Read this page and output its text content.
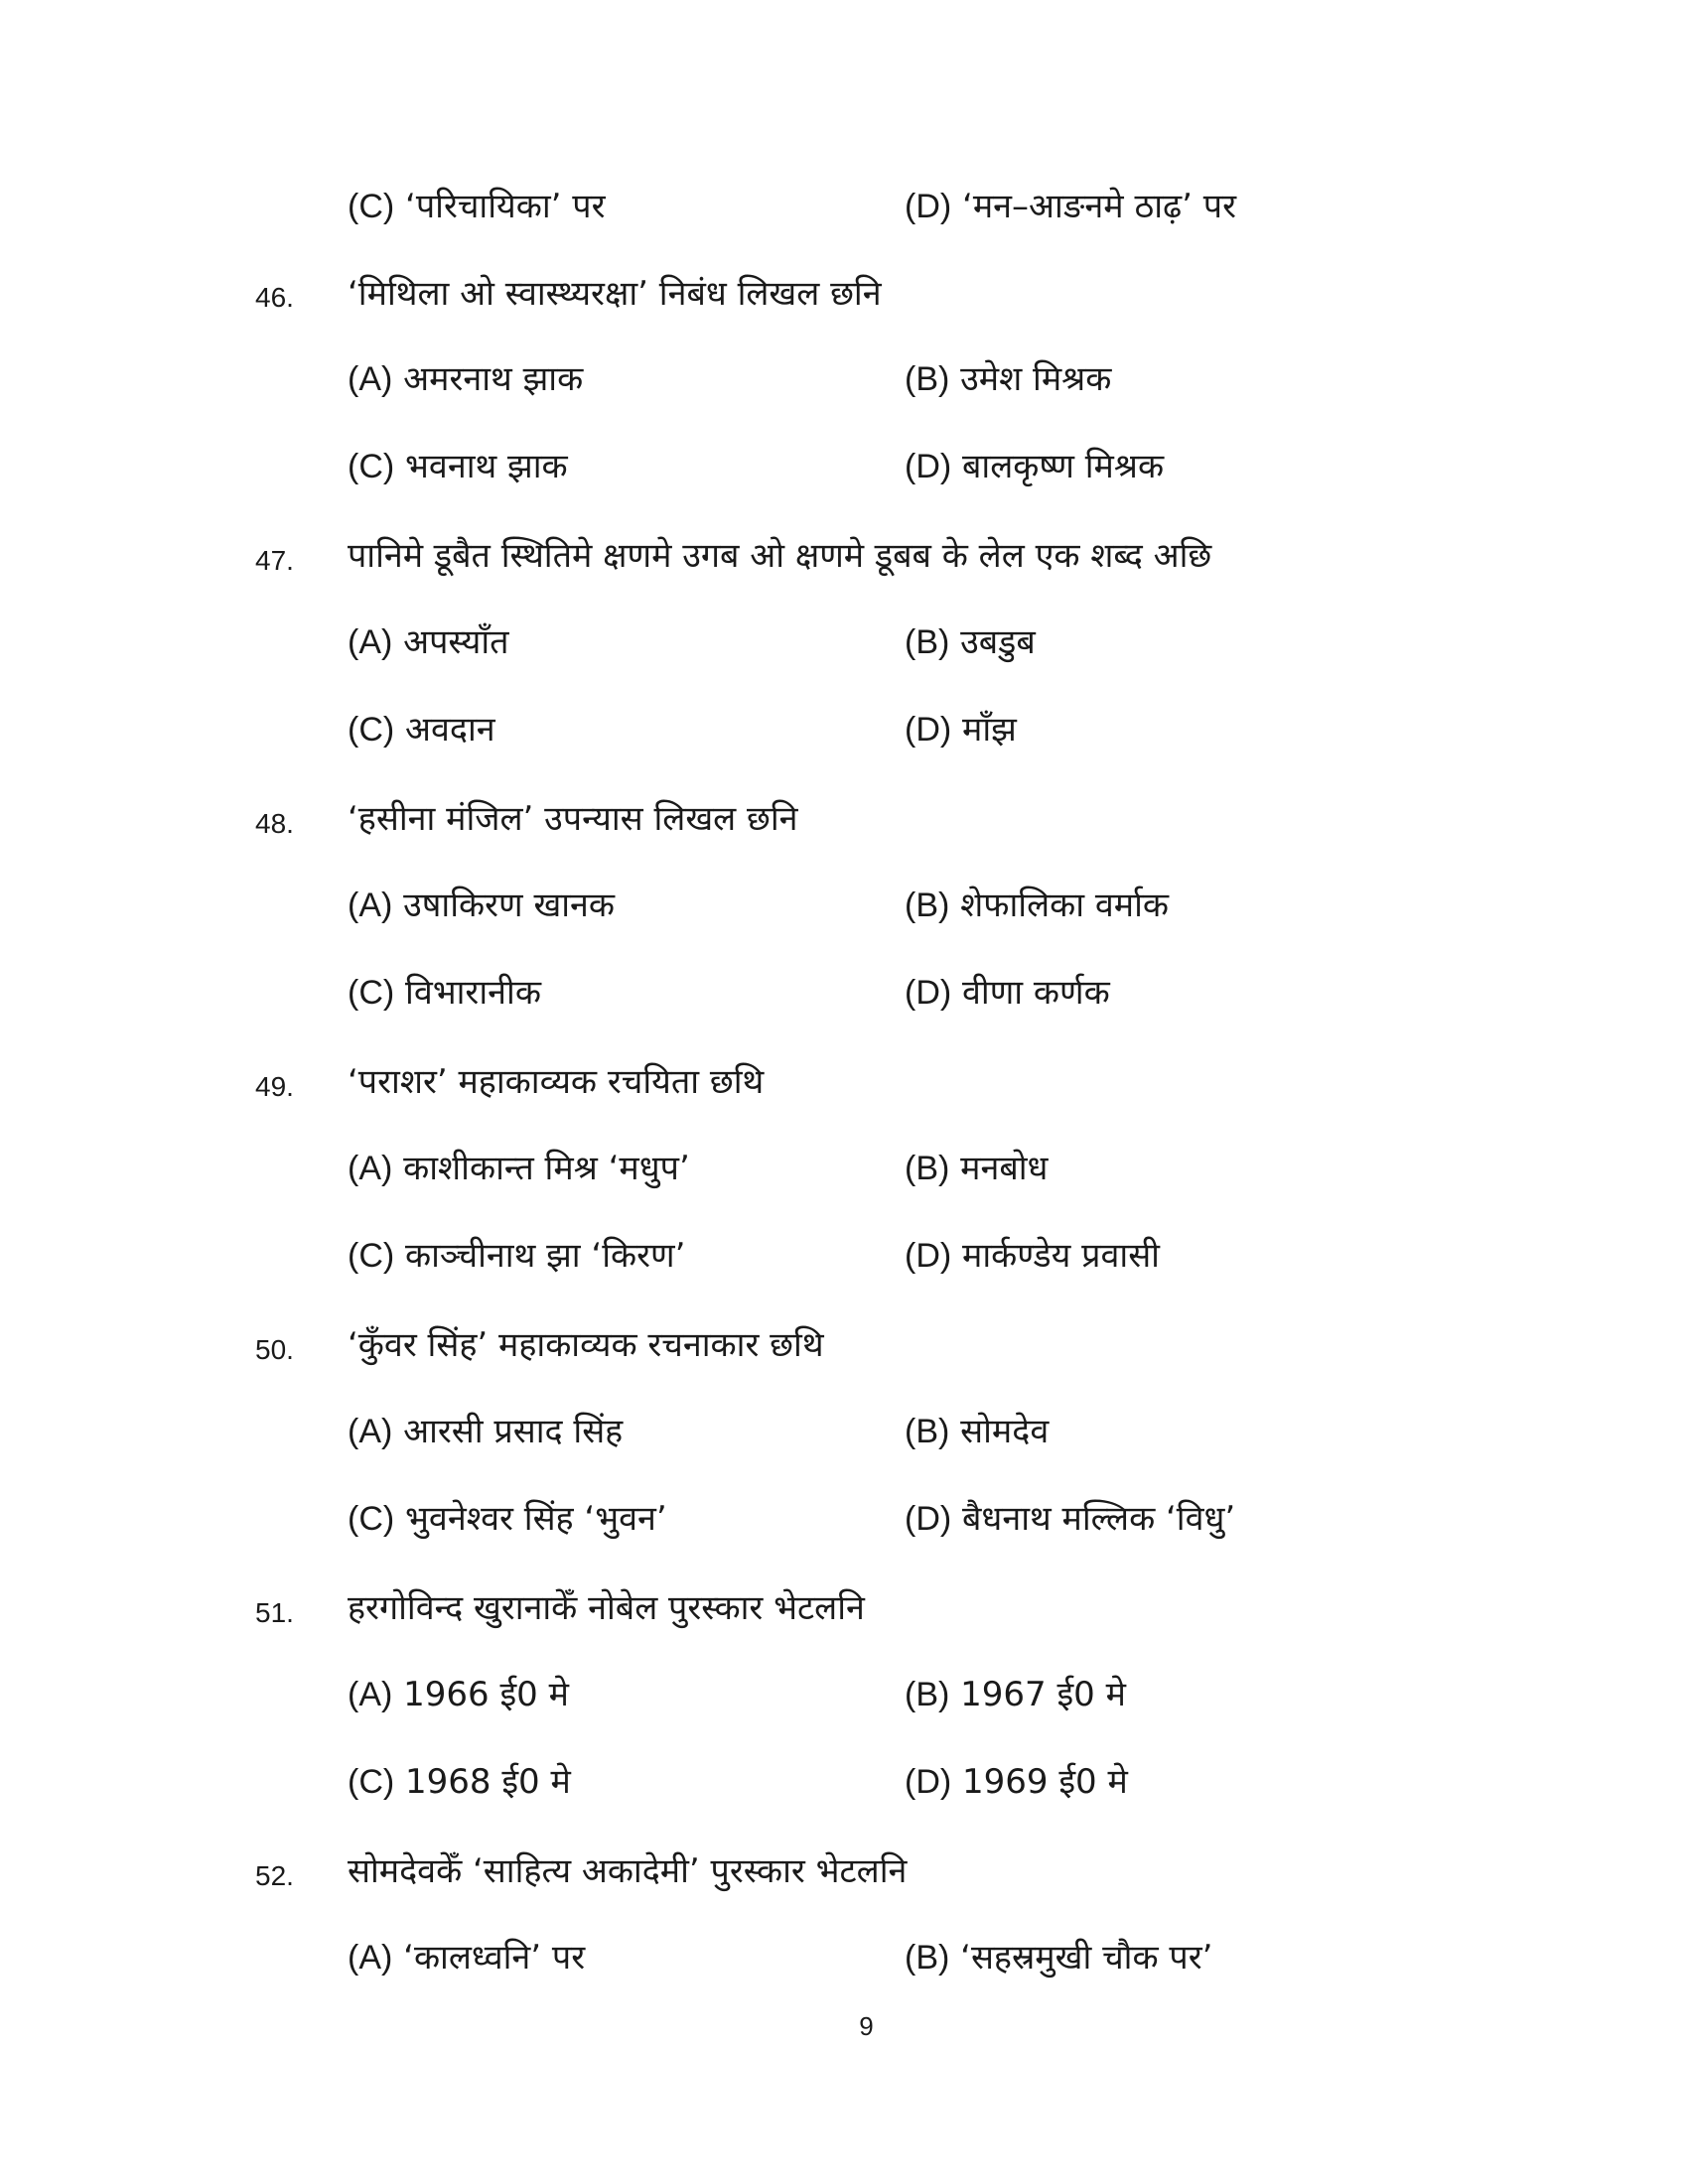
(C) ‘परिचायिका’ पर	(D) ‘मन–आङनमे ठाढ़’ पर
46. ‘मिथिला ओ स्वास्थ्यरक्षा’ निबंध लिखल छनि
(A) अमरनाथ झाक	(B) उमेश मिश्रक
(C) भवनाथ झाक	(D) बालकृष्ण मिश्रक
47. पानिमे डूबैत स्थितिमे क्षणमे उगब ओ क्षणमे डूबब के लेल एक शब्द अछि
(A) अपस्याँत	(B) उबडुब
(C) अवदान	(D) माँझ
48. ‘हसीना मंजिल’ उपन्यास लिखल छनि
(A) उषाकिरण खानक	(B) शेफालिका वर्माक
(C) विभारानीक	(D) वीणा कर्णक
49. ‘पराशर’ महाकाव्यक रचयिता छथि
(A) काशीकान्त मिश्र ‘मधुप’	(B) मनबोध
(C) काञ्चीनाथ झा ‘किरण’	(D) मार्कण्डेय प्रवासी
50. ‘कुँवर सिंह’ महाकाव्यक रचनाकार छथि
(A) आरसी प्रसाद सिंह	(B) सोमदेव
(C) भुवनेश्वर सिंह ‘भुवन’	(D) बैधनाथ मल्लिक ‘विधु’
51. हरगोविन्द खुरानाकेँ नोबेल पुरस्कार भेटलनि
(A) 1966 ई0 मे	(B) 1967 ई0 मे
(C) 1968 ई0 मे	(D) 1969 ई0 मे
52. सोमदेवकेँ ‘साहित्य अकादेमी’ पुरस्कार भेटलनि
(A) ‘कालध्वनि’ पर	(B) ‘सहस्रमुखी चौक पर’
9
